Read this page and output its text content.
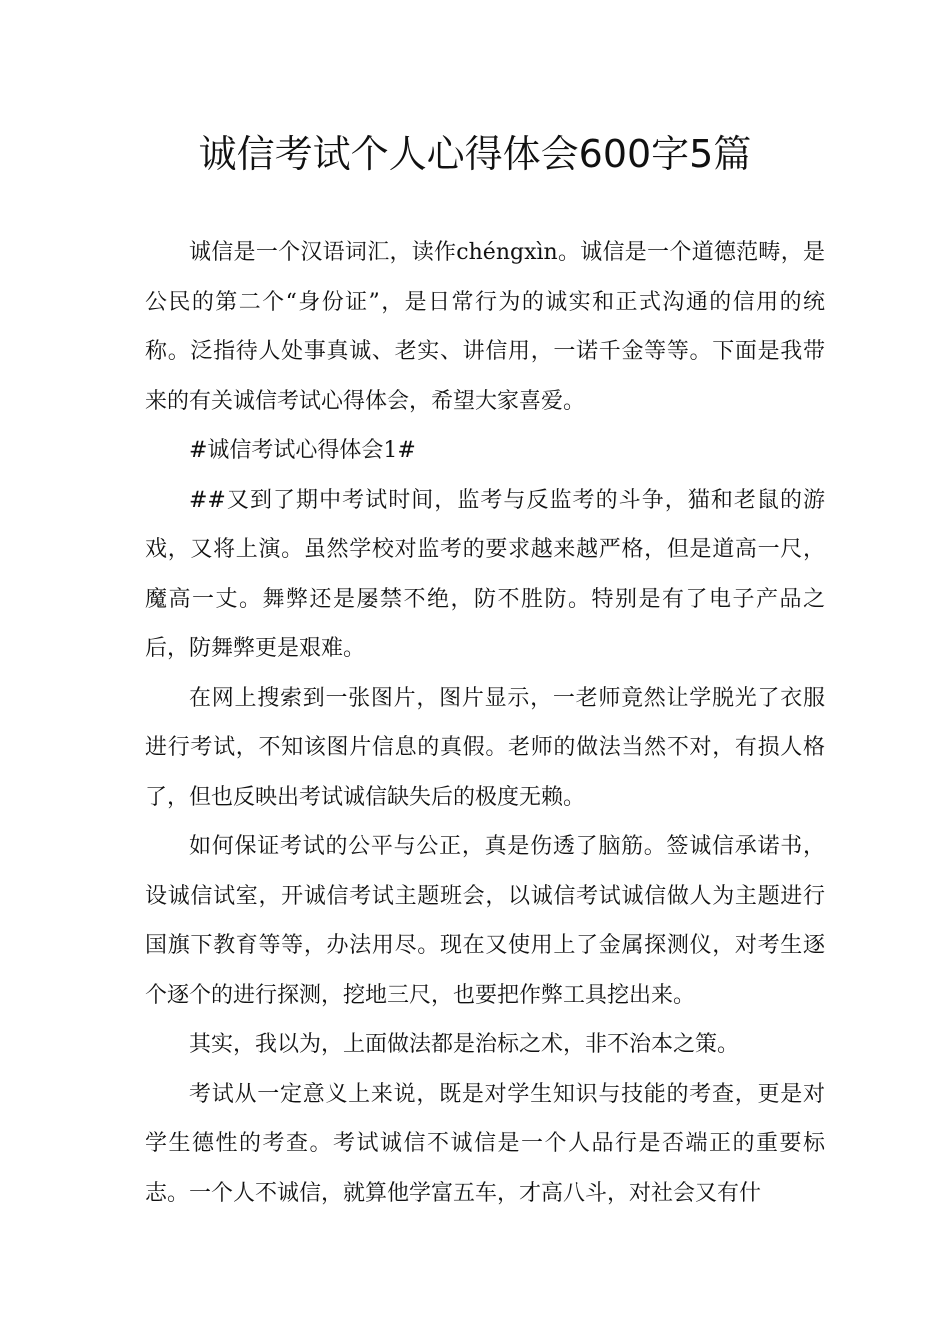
诚信考试个人心得体会600字5篇

诚信是一个汉语词汇，读作chéngxìn。诚信是一个道德范畴，是公民的第二个“身份证”，是日常行为的诚实和正式沟通的信用的统称。泛指待人处事真诚、老实、讲信用，一诺千金等等。下面是我带来的有关诚信考试心得体会，希望大家喜爱。

#诚信考试心得体会1#

##又到了期中考试时间，监考与反监考的斗争，猫和老鼠的游戏，又将上演。虽然学校对监考的要求越来越严格，但是道高一尺，魔高一丈。舞弊还是屡禁不绝，防不胜防。特别是有了电子产品之后，防舞弊更是艰难。

在网上搜索到一张图片，图片显示，一老师竟然让学脱光了衣服进行考试，不知该图片信息的真假。老师的做法当然不对，有损人格了，但也反映出考试诚信缺失后的极度无赖。

如何保证考试的公平与公正，真是伤透了脑筋。签诚信承诺书，设诚信试室，开诚信考试主题班会，以诚信考试诚信做人为主题进行国旗下教育等等，办法用尽。现在又使用上了金属探测仪，对考生逐个逐个的进行探测，挖地三尺，也要把作弊工具挖出来。

其实，我以为，上面做法都是治标之术，非不治本之策。

考试从一定意义上来说，既是对学生知识与技能的考查，更是对学生德性的考查。考试诚信不诚信是一个人品行是否端正的重要标志。一个人不诚信，就算他学富五车，才高八斗，对社会又有什
